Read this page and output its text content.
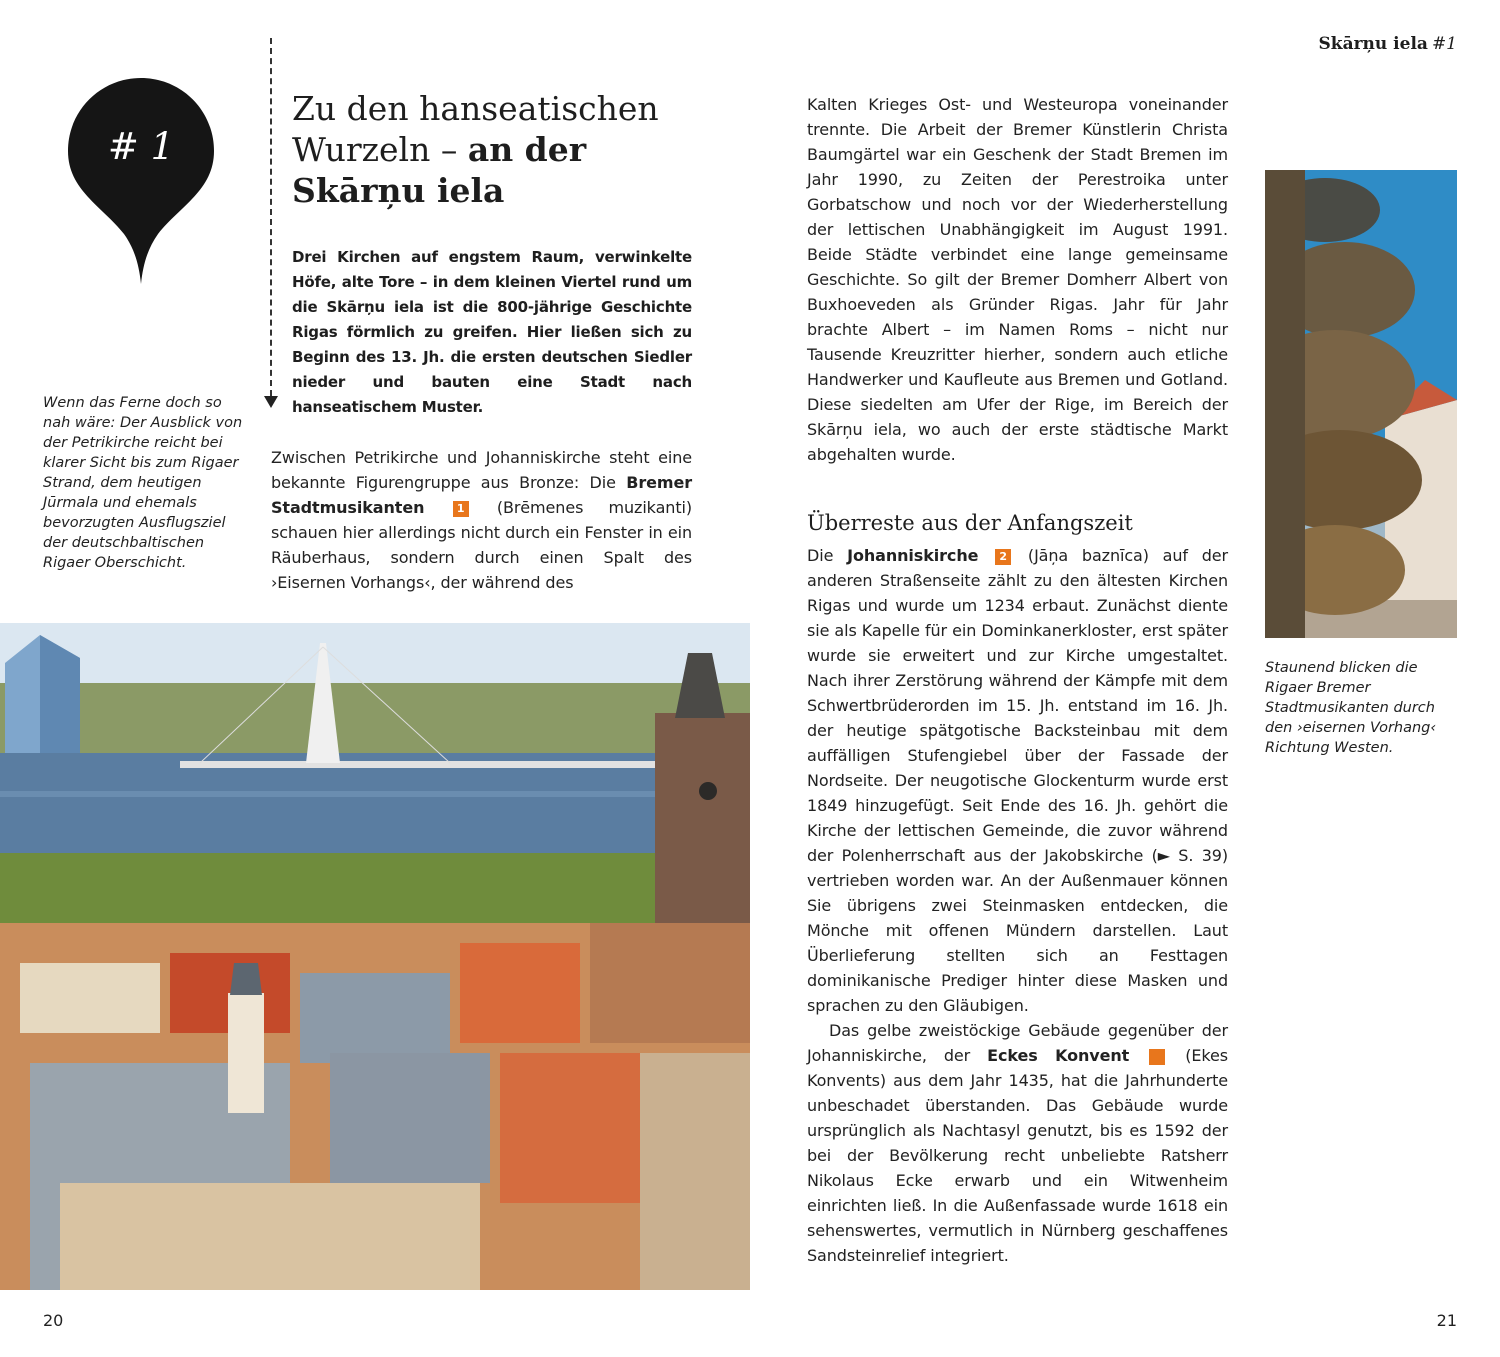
Skārņu iela #1
# 1
Zu den hanseatischen
Wurzeln – an der
Skārņu iela
Drei Kirchen auf engstem Raum, verwinkelte Höfe, alte Tore – in dem kleinen Viertel rund um die Skārņu iela ist die 800-jährige Geschichte Rigas förmlich zu greifen. Hier ließen sich zu Beginn des 13. Jh. die ersten deutschen Siedler nieder und bauten eine Stadt nach hanseatischem Muster.
Wenn das Ferne doch so nah wäre: Der Ausblick von der Petrikirche reicht bei klarer Sicht bis zum Rigaer Strand, dem heutigen Jūrmala und ehemals bevorzugten Ausflugsziel der deutschbaltischen Rigaer Oberschicht.

Zwischen Petrikirche und Johanniskirche steht eine bekannte Figurengruppe aus Bronze: Die Bremer Stadtmusikanten	1 (Brēmenes muzikanti) schauen hier allerdings nicht durch ein Fenster in ein Räuberhaus, sondern durch einen Spalt des ›Eisernen Vorhangs‹, der während des

Kalten Krieges Ost- und Westeuropa voneinander trennte. Die Arbeit der Bremer Künstlerin Christa Baumgärtel war ein Geschenk der Stadt Bremen im Jahr 1990, zu Zeiten der Perestroika unter Gorbatschow und noch vor der Wiederherstellung der lettischen Unabhängigkeit im August 1991. Beide Städte verbindet eine lange gemeinsame Geschichte. So gilt der Bremer Domherr Albert von Buxhoeveden als Gründer Rigas. Jahr für Jahr brachte Albert – im Namen Roms – nicht nur Tausende Kreuzritter hierher, sondern auch etliche Handwerker und Kaufleute aus Bremen und Gotland. Diese siedelten am Ufer der Rige, im Bereich der Skārņu iela, wo auch der erste städtische Markt abgehalten wurde.

Überreste aus der Anfangszeit

Die Johanniskirche 2 (Jāņa baznīca) auf der anderen Straßenseite zählt zu den ältesten Kirchen Rigas und wurde um 1234 erbaut. Zunächst diente sie als Kapelle für ein Dominkanerkloster, erst später wurde sie erweitert und zur Kirche umgestaltet. Nach ihrer Zerstörung während der Kämpfe mit dem Schwertbrüderorden im 15. Jh. entstand im 16. Jh. der heutige spätgotische Backsteinbau mit dem auffälligen Stufengiebel über der Fassade der Nordseite. Der neugotische Glockenturm wurde erst 1849 hinzugefügt. Seit Ende des 16. Jh. gehört die Kirche der lettischen Gemeinde, die zuvor während der Polenherrschaft aus der Jakobskirche (► S. 39) vertrieben worden war. An der Außenmauer können Sie übrigens zwei Steinmasken entdecken, die Mönche mit offenen Mündern darstellen. Laut Überlieferung stellten sich an Festtagen dominikanische Prediger hinter diese Masken und sprachen zu den Gläubigen.

Das gelbe zweistöckige Gebäude gegenüber der Johanniskirche, der Eckes Konvent	3 (Ekes Konvents) aus dem Jahr 1435, hat die Jahrhunderte unbeschadet überstanden. Das Gebäude wurde ursprünglich als Nachtasyl genutzt, bis es 1592 der bei der Bevölkerung recht unbeliebte Ratsherr Nikolaus Ecke erwarb und ein Witwenheim einrichten ließ. In die Außenfassade wurde 1618 ein sehenswertes, vermutlich in Nürnberg geschaffenes Sandsteinrelief integriert.

Staunend blicken die Rigaer Bremer Stadtmusikanten durch den ›eisernen Vorhang‹ Richtung Westen.
20	21
